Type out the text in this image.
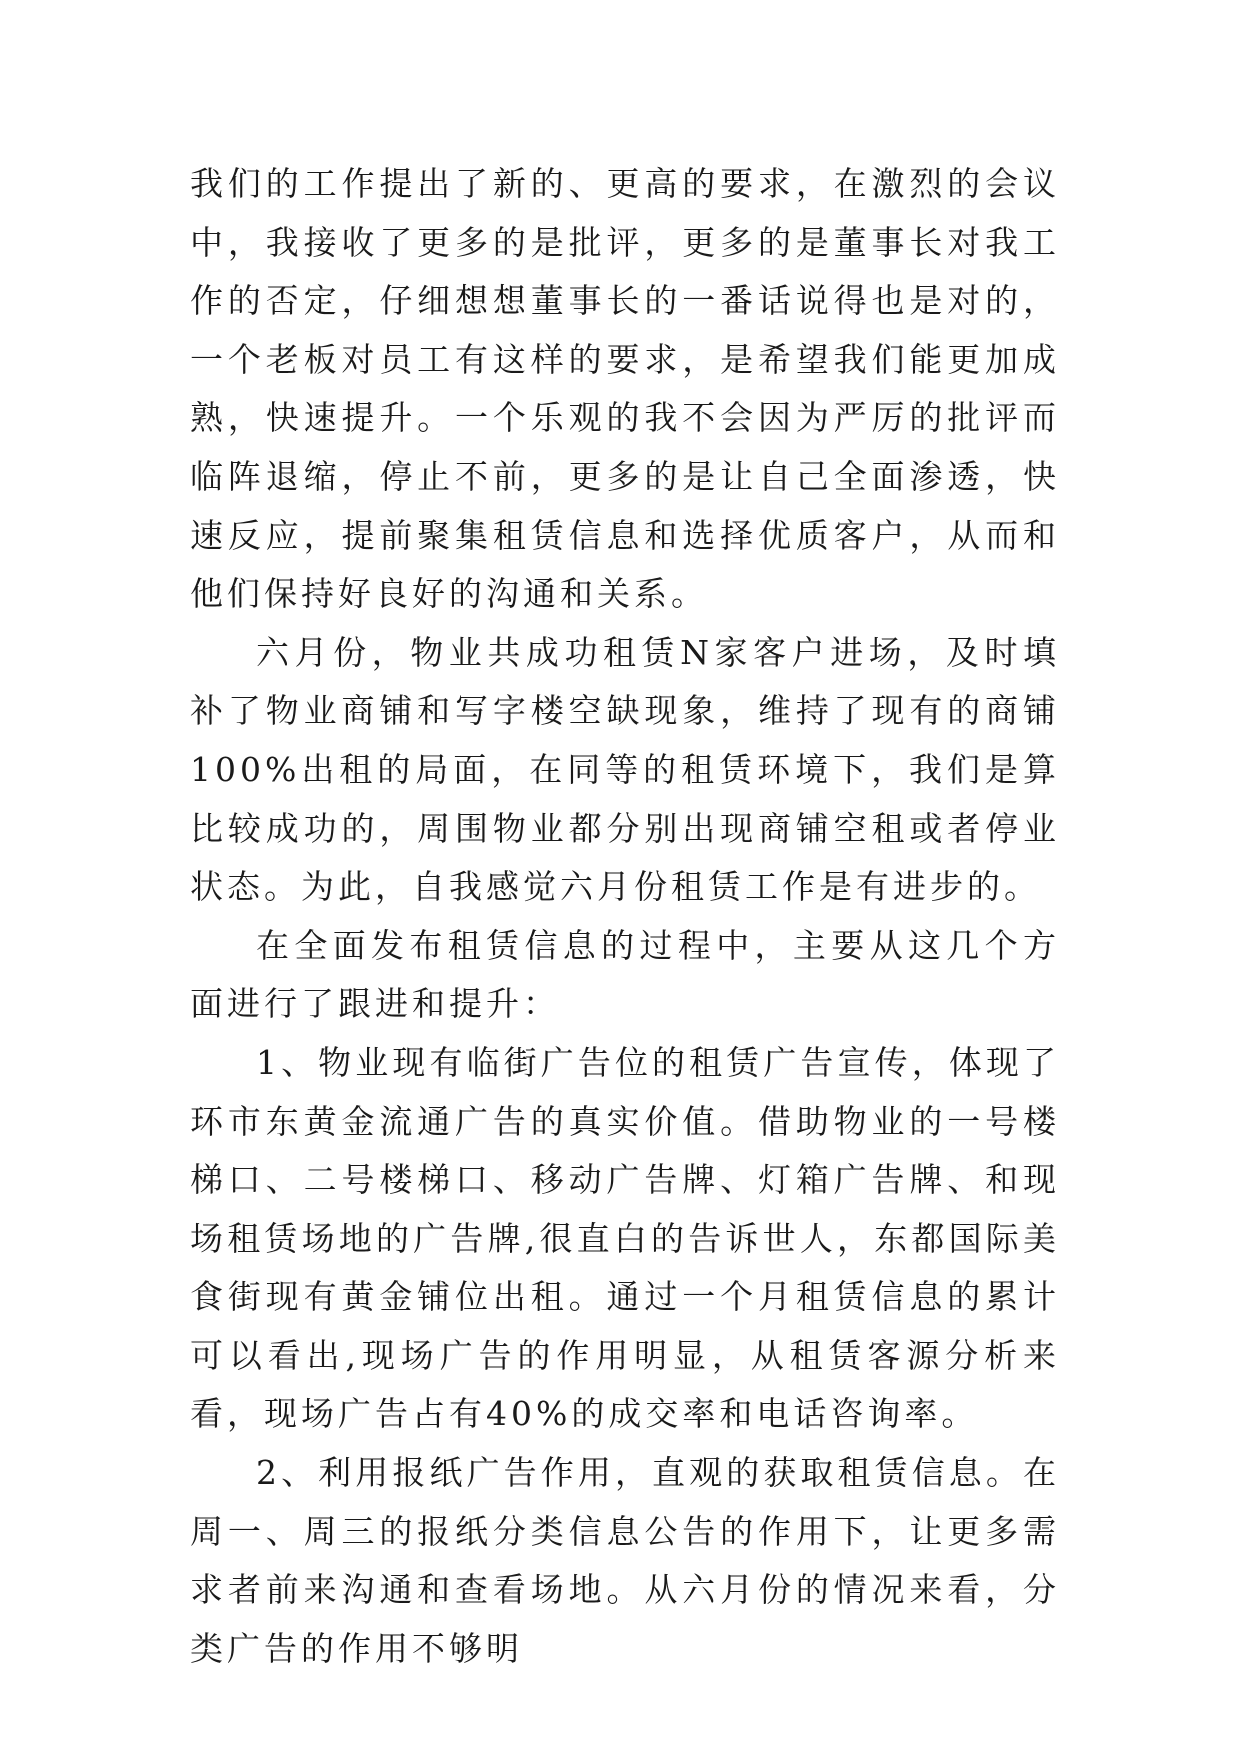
我们的工作提出了新的、更高的要求，在激烈的会议中，我接收了更多的是批评，更多的是董事长对我工作的否定，仔细想想董事长的一番话说得也是对的，一个老板对员工有这样的要求，是希望我们能更加成熟，快速提升。一个乐观的我不会因为严厉的批评而临阵退缩，停止不前，更多的是让自己全面渗透，快速反应，提前聚集租赁信息和选择优质客户，从而和他们保持好良好的沟通和关系。

六月份，物业共成功租赁N家客户进场，及时填补了物业商铺和写字楼空缺现象，维持了现有的商铺100%出租的局面，在同等的租赁环境下，我们是算比较成功的，周围物业都分别出现商铺空租或者停业状态。为此，自我感觉六月份租赁工作是有进步的。

在全面发布租赁信息的过程中，主要从这几个方面进行了跟进和提升：

1、物业现有临街广告位的租赁广告宣传，体现了环市东黄金流通广告的真实价值。借助物业的一号楼梯口、二号楼梯口、移动广告牌、灯箱广告牌、和现场租赁场地的广告牌,很直白的告诉世人，东都国际美食街现有黄金铺位出租。通过一个月租赁信息的累计可以看出,现场广告的作用明显，从租赁客源分析来看，现场广告占有40%的成交率和电话咨询率。

2、利用报纸广告作用，直观的获取租赁信息。在周一、周三的报纸分类信息公告的作用下，让更多需求者前来沟通和查看场地。从六月份的情况来看，分类广告的作用不够明
